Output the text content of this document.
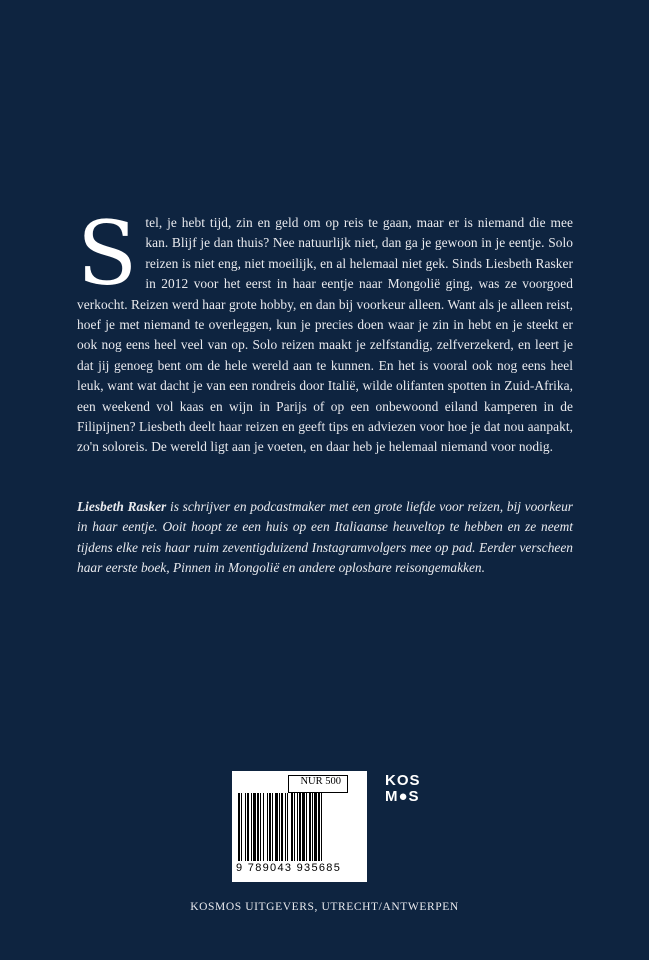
S tel, je hebt tijd, zin en geld om op reis te gaan, maar er is niemand die mee kan. Blijf je dan thuis? Nee natuurlijk niet, dan ga je gewoon in je eentje. Solo reizen is niet eng, niet moeilijk, en al helemaal niet gek. Sinds Liesbeth Rasker in 2012 voor het eerst in haar eentje naar Mongolië ging, was ze voorgoed verkocht. Reizen werd haar grote hobby, en dan bij voorkeur alleen. Want als je alleen reist, hoef je met niemand te overleggen, kun je precies doen waar je zin in hebt en je steekt er ook nog eens heel veel van op. Solo reizen maakt je zelfstandig, zelfverzekerd, en leert je dat jij genoeg bent om de hele wereld aan te kunnen. En het is vooral ook nog eens heel leuk, want wat dacht je van een rondreis door Italië, wilde olifanten spotten in Zuid-Afrika, een weekend vol kaas en wijn in Parijs of op een onbewoond eiland kamperen in de Filipijnen? Liesbeth deelt haar reizen en geeft tips en adviezen voor hoe je dat nou aanpakt, zo'n soloreis. De wereld ligt aan je voeten, en daar heb je helemaal niemand voor nodig.
Liesbeth Rasker is schrijver en podcastmaker met een grote liefde voor reizen, bij voorkeur in haar eentje. Ooit hoopt ze een huis op een Italiaanse heuveltop te hebben en ze neemt tijdens elke reis haar ruim zeventigduizend Instagramvolgers mee op pad. Eerder verscheen haar eerste boek, Pinnen in Mongolië en andere oplosbare reisongemakken.
NUR 500
9 789043 935685
KOS
M●S
KOSMOS UITGEVERS, UTRECHT/ANTWERPEN
